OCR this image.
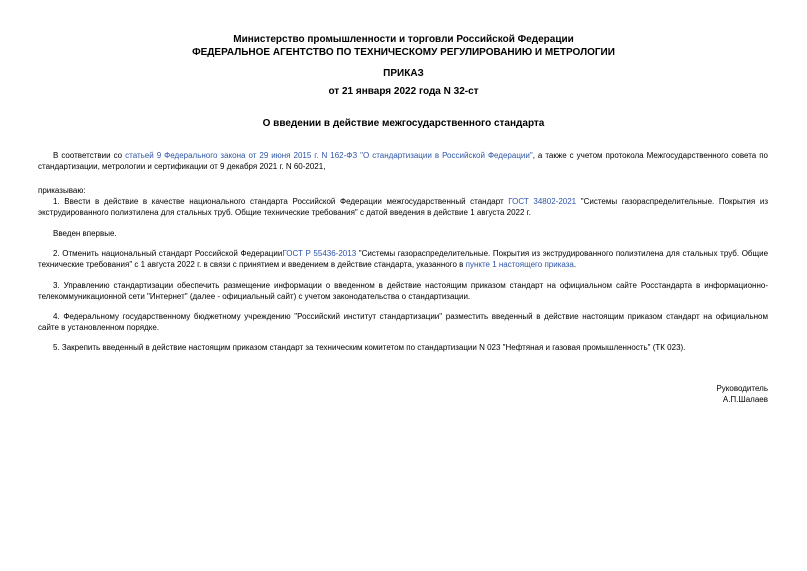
Министерство промышленности и торговли Российской Федерации
ФЕДЕРАЛЬНОЕ АГЕНТСТВО ПО ТЕХНИЧЕСКОМУ РЕГУЛИРОВАНИЮ И МЕТРОЛОГИИ
ПРИКАЗ
от 21 января 2022 года N 32-ст
О введении в действие межгосударственного стандарта

В соответствии со статьей 9 Федерального закона от 29 июня 2015 г. N 162-ФЗ "О стандартизации в Российской Федерации", а также с учетом протокола Межгосударственного совета по стандартизации, метрологии и сертификации от 9 декабря 2021 г. N 60-2021,

приказываю:

1. Ввести в действие в качестве национального стандарта Российской Федерации межгосударственный стандарт ГОСТ 34802-2021 "Системы газораспределительные. Покрытия из экструдированного полиэтилена для стальных труб. Общие технические требования" с датой введения в действие 1 августа 2022 г.

Введен впервые.

2. Отменить национальный стандарт Российской ФедерацииГОСТ Р 55436-2013 "Системы газораспределительные. Покрытия из экструдированного полиэтилена для стальных труб. Общие технические требования" с 1 августа 2022 г. в связи с принятием и введением в действие стандарта, указанного в пункте 1 настоящего приказа.

3. Управлению стандартизации обеспечить размещение информации о введенном в действие настоящим приказом стандарт на официальном сайте Росстандарта в информационно-телекоммуникационной сети "Интернет" (далее - официальный сайт) с учетом законодательства о стандартизации.

4. Федеральному государственному бюджетному учреждению "Российский институт стандартизации" разместить введенный в действие настоящим приказом стандарт на официальном сайте в установленном порядке.

5. Закрепить введенный в действие настоящим приказом стандарт за техническим комитетом по стандартизации N 023 "Нефтяная и газовая промышленность" (ТК 023).

Руководитель
А.П.Шалаев
